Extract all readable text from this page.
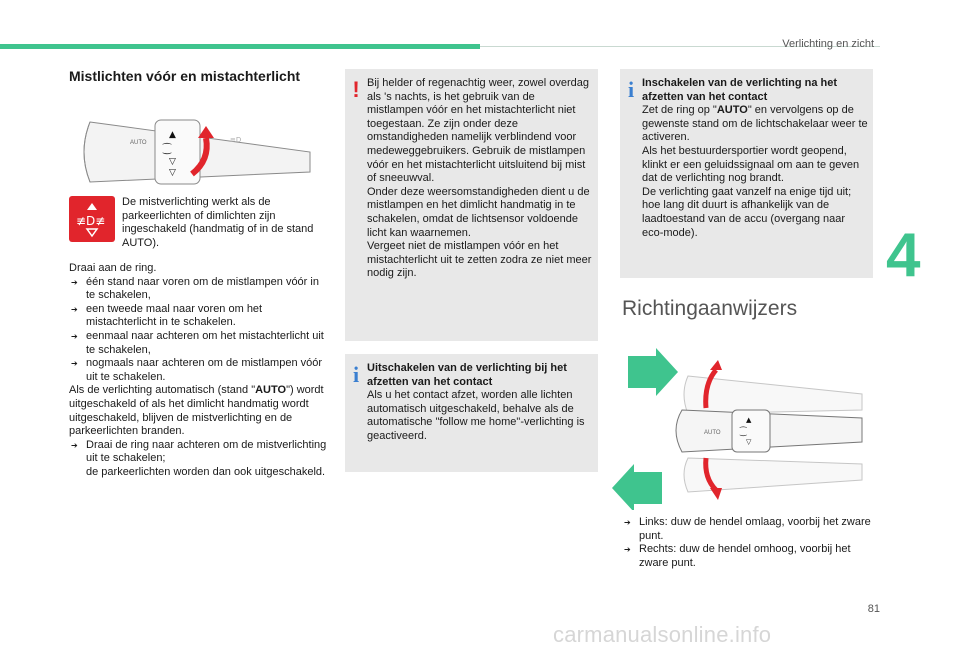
Verlichting en zicht
4
Mistlichten vóór en mistachterlicht
AUTO
▲
⁐
▽
▽
≡D
≢D≢
De mistverlichting werkt als de parkeerlichten of dimlichten zijn ingeschakeld (handmatig of in de stand AUTO).

Draai aan de ring.

➔ één stand naar voren om de mistlampen vóór in te schakelen,

➔ een tweede maal naar voren om het mistachterlicht in te schakelen.

➔ eenmaal naar achteren om het mistachterlicht uit te schakelen,

➔ nogmaals naar achteren om de mistlampen vóór uit te schakelen.

Als de verlichting automatisch (stand "AUTO") wordt uitgeschakeld of als het dimlicht handmatig wordt uitgeschakeld, blijven de mistverlichting en de parkeerlichten branden.

➔ Draai de ring naar achteren om de mistverlichting uit te schakelen;
de parkeerlichten worden dan ook uitgeschakeld.

! Bij helder of regenachtig weer, zowel overdag als 's nachts, is het gebruik van de mistlampen vóór en het mistachterlicht niet toegestaan. Ze zijn onder deze omstandigheden namelijk verblindend voor medeweggebruikers. Gebruik de mistlampen vóór en het mistachterlicht uitsluitend bij mist of sneeuwval.

Onder deze weersomstandigheden dient u de mistlampen en het dimlicht handmatig in te schakelen, omdat de lichtsensor voldoende licht kan waarnemen.

Vergeet niet de mistlampen vóór en het mistachterlicht uit te zetten zodra ze niet meer nodig zijn.

i Uitschakelen van de verlichting bij het afzetten van het contact

Als u het contact afzet, worden alle lichten automatisch uitgeschakeld, behalve als de automatische "follow me home"-verlichting is geactiveerd.

i Inschakelen van de verlichting na het afzetten van het contact

Zet de ring op "AUTO" en vervolgens op de gewenste stand om de lichtschakelaar weer te activeren.

Als het bestuurdersportier wordt geopend, klinkt er een geluidssignaal om aan te geven dat de verlichting nog brandt.

De verlichting gaat vanzelf na enige tijd uit; hoe lang dit duurt is afhankelijk van de laadtoestand van de accu (overgang naar eco-mode).

Richtingaanwijzers
AUTO
▲
⁐
▽

➔ Links: duw de hendel omlaag, voorbij het zware punt.

➔ Rechts: duw de hendel omhoog, voorbij het zware punt.

81
carmanualsonline.info
